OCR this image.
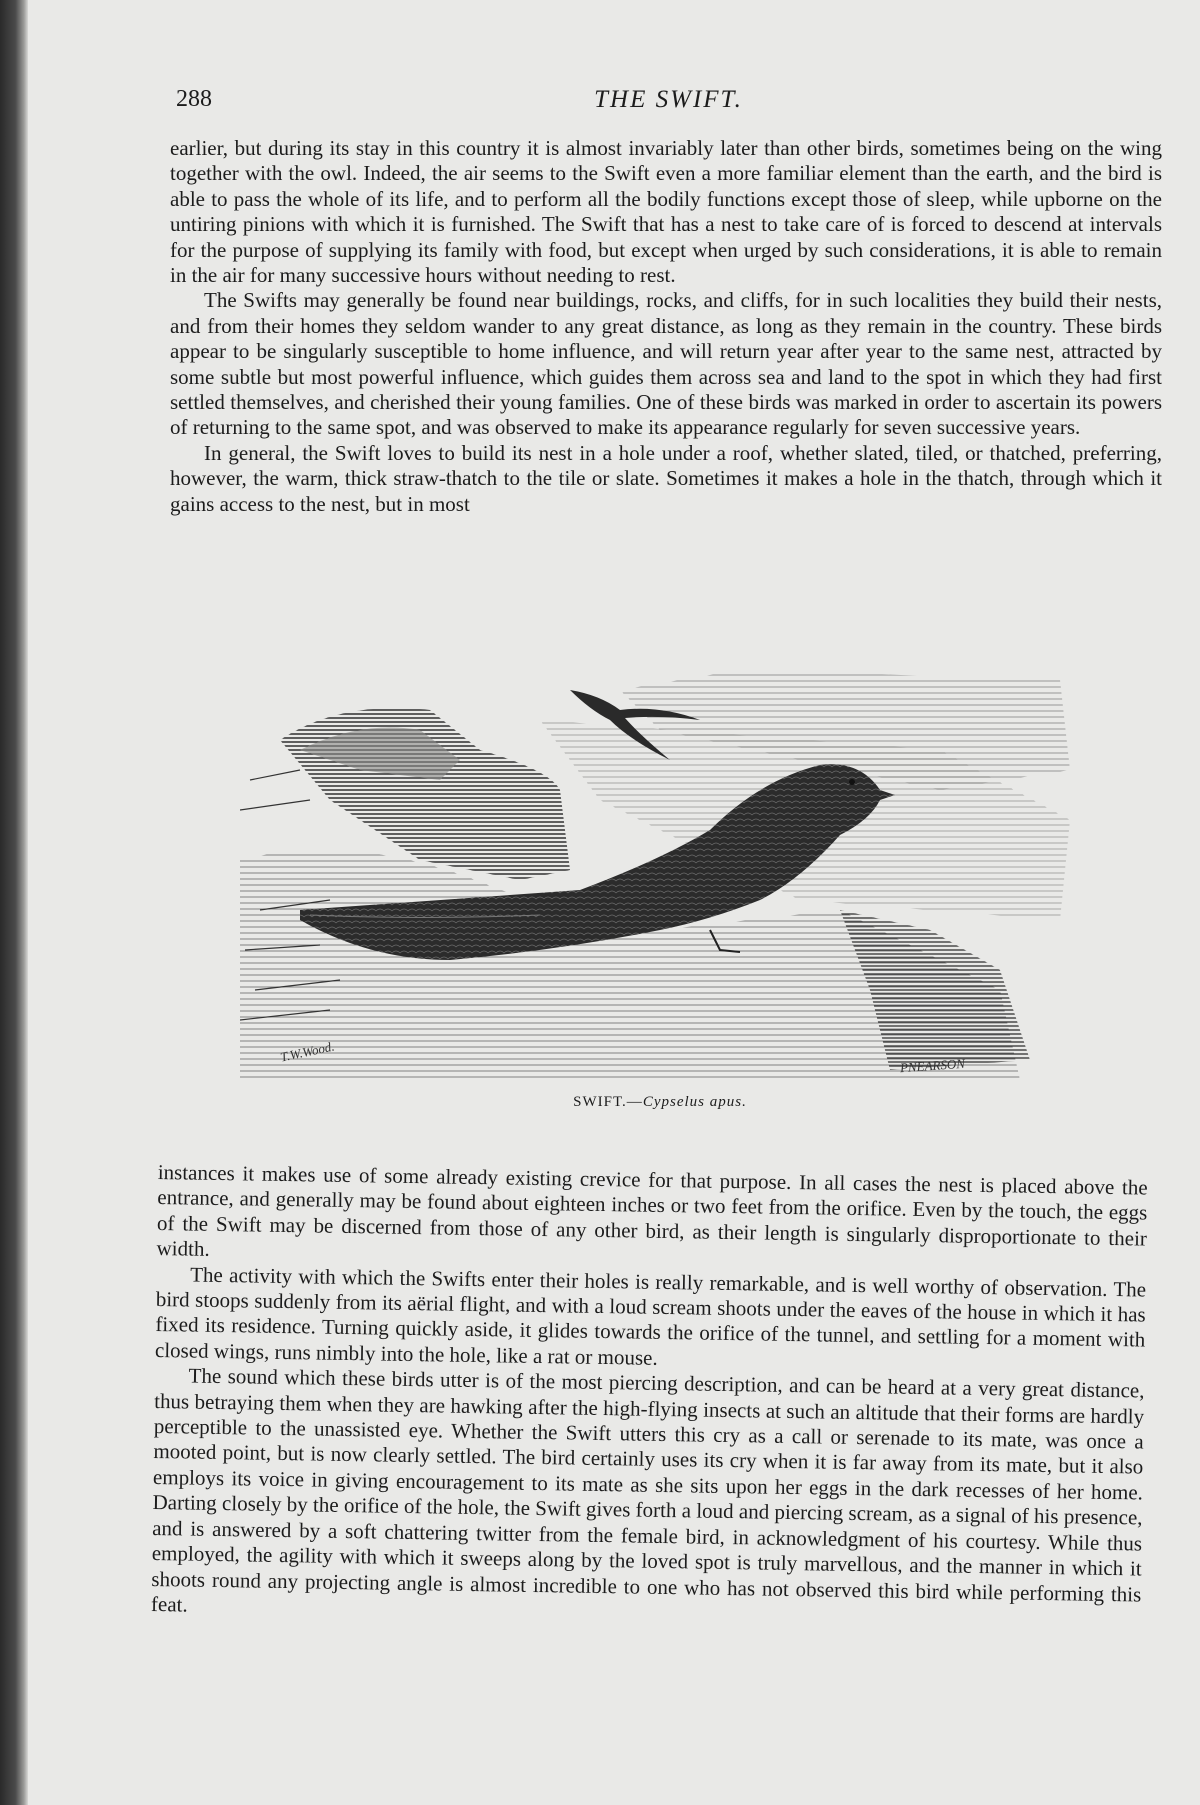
288	THE SWIFT.

earlier, but during its stay in this country it is almost invariably later than other birds, sometimes being on the wing together with the owl. Indeed, the air seems to the Swift even a more familiar element than the earth, and the bird is able to pass the whole of its life, and to perform all the bodily functions except those of sleep, while upborne on the untiring pinions with which it is furnished. The Swift that has a nest to take care of is forced to descend at intervals for the purpose of supplying its family with food, but except when urged by such considerations, it is able to remain in the air for many successive hours without needing to rest.

The Swifts may generally be found near buildings, rocks, and cliffs, for in such localities they build their nests, and from their homes they seldom wander to any great distance, as long as they remain in the country. These birds appear to be singularly susceptible to home influence, and will return year after year to the same nest, attracted by some subtle but most powerful influence, which guides them across sea and land to the spot in which they had first settled themselves, and cherished their young families. One of these birds was marked in order to ascertain its powers of returning to the same spot, and was observed to make its appearance regularly for seven successive years.

In general, the Swift loves to build its nest in a hole under a roof, whether slated, tiled, or thatched, preferring, however, the warm, thick straw-thatch to the tile or slate. Sometimes it makes a hole in the thatch, through which it gains access to the nest, but in most

T.W.Wood.
PNEARSON
SWIFT.—Cypselus apus.

instances it makes use of some already existing crevice for that purpose. In all cases the nest is placed above the entrance, and generally may be found about eighteen inches or two feet from the orifice. Even by the touch, the eggs of the Swift may be discerned from those of any other bird, as their length is singularly disproportionate to their width.

The activity with which the Swifts enter their holes is really remarkable, and is well worthy of observation. The bird stoops suddenly from its aërial flight, and with a loud scream shoots under the eaves of the house in which it has fixed its residence. Turning quickly aside, it glides towards the orifice of the tunnel, and settling for a moment with closed wings, runs nimbly into the hole, like a rat or mouse.

The sound which these birds utter is of the most piercing description, and can be heard at a very great distance, thus betraying them when they are hawking after the high-flying insects at such an altitude that their forms are hardly perceptible to the unassisted eye. Whether the Swift utters this cry as a call or serenade to its mate, was once a mooted point, but is now clearly settled. The bird certainly uses its cry when it is far away from its mate, but it also employs its voice in giving encouragement to its mate as she sits upon her eggs in the dark recesses of her home. Darting closely by the orifice of the hole, the Swift gives forth a loud and piercing scream, as a signal of his presence, and is answered by a soft chattering twitter from the female bird, in acknowledgment of his courtesy. While thus employed, the agility with which it sweeps along by the loved spot is truly marvellous, and the manner in which it shoots round any projecting angle is almost incredible to one who has not observed this bird while performing this feat.
